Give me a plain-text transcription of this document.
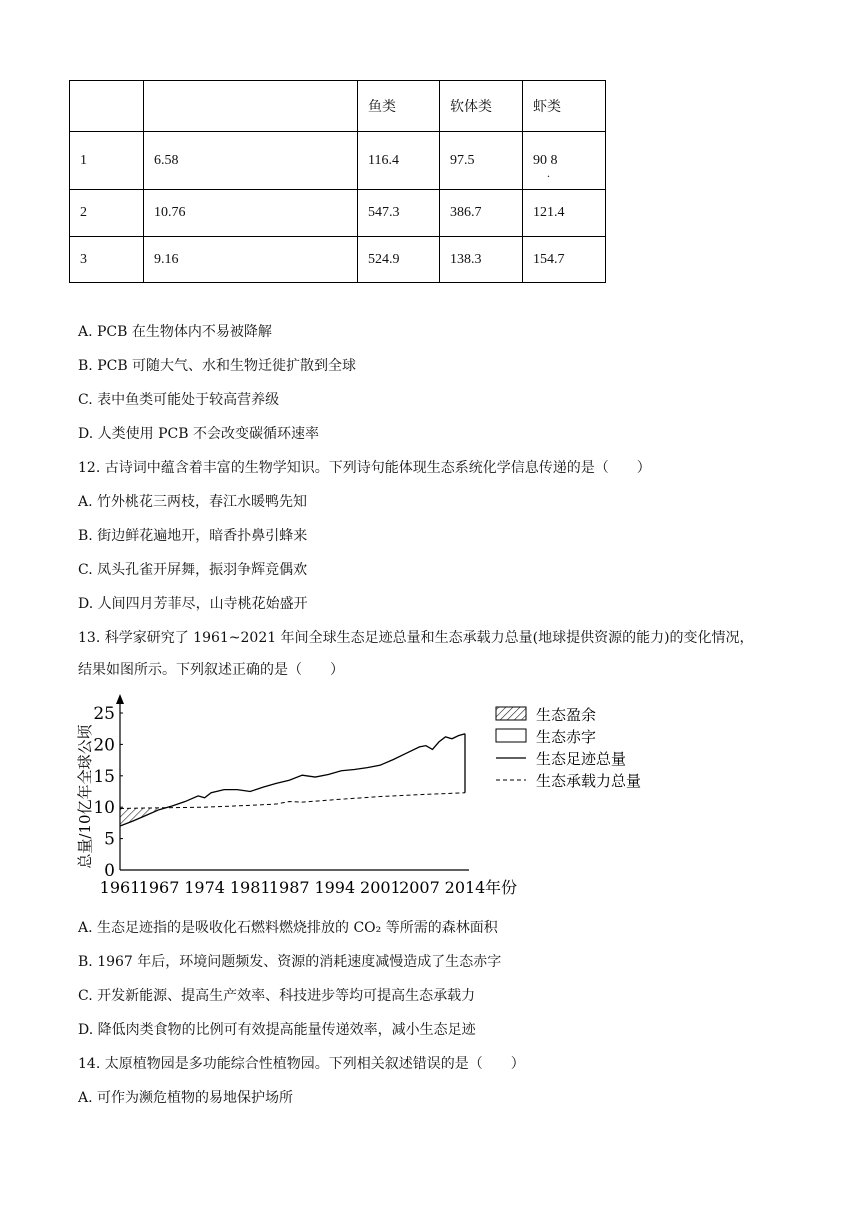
		鱼类	软体类	虾类
1	6.58	116.4	97.5	90 8
.

2	10.76	547.3	386.7	121.4
3	9.16	524.9	138.3	154.7
A. PCB 在生物体内不易被降解
B. PCB 可随大气、水和生物迁徙扩散到全球
C. 表中鱼类可能处于较高营养级
D. 人类使用 PCB 不会改变碳循环速率
12. 古诗词中蕴含着丰富的生物学知识。下列诗句能体现生态系统化学信息传递的是（　　）
A. 竹外桃花三两枝，春江水暖鸭先知
B. 街边鲜花遍地开，暗香扑鼻引蜂来
C. 凤头孔雀开屏舞，振羽争辉竞偶欢
D. 人间四月芳菲尽，山寺桃花始盛开
13. 科学家研究了 1961~2021 年间全球生态足迹总量和生态承载力总量(地球提供资源的能力)的变化情况，
结果如图所示。下列叙述正确的是（　　）
0
5
10
15
20
25
1961
1967 1974 1981
1987 1994 2001
2007 2014 年份
总量/10亿年全球公顷
生态盈余
生态赤字
生态足迹总量
生态承载力总量
A. 生态足迹指的是吸收化石燃料燃烧排放的 CO₂ 等所需的森林面积
B. 1967 年后，环境问题频发、资源的消耗速度减慢造成了生态赤字
C. 开发新能源、提高生产效率、科技进步等均可提高生态承载力
D. 降低肉类食物的比例可有效提高能量传递效率，减小生态足迹
14. 太原植物园是多功能综合性植物园。下列相关叙述错误的是（　　）
A. 可作为濒危植物的易地保护场所
